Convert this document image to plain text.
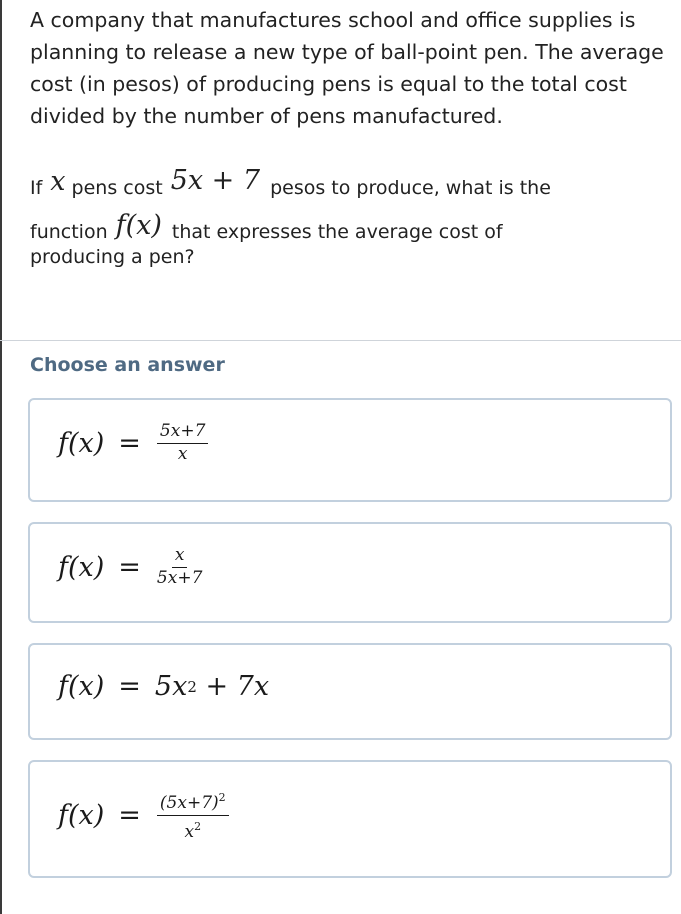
A company that manufactures school and office supplies is planning to release a new type of ball-point pen. The average cost (in pesos) of producing pens is equal to the total cost divided by the number of pens manufactured.
If x pens cost 5x + 7 pesos to produce, what is the
function f(x) that expresses the average cost of
producing a pen?
Choose an answer
$f(x) = \frac{5x+7}{x}$
$f(x) = \frac{x}{5x+7}$
f(x) = 5x 2 + 7x
$f(x) = \frac{(5x+7)^2}{x^2}$
